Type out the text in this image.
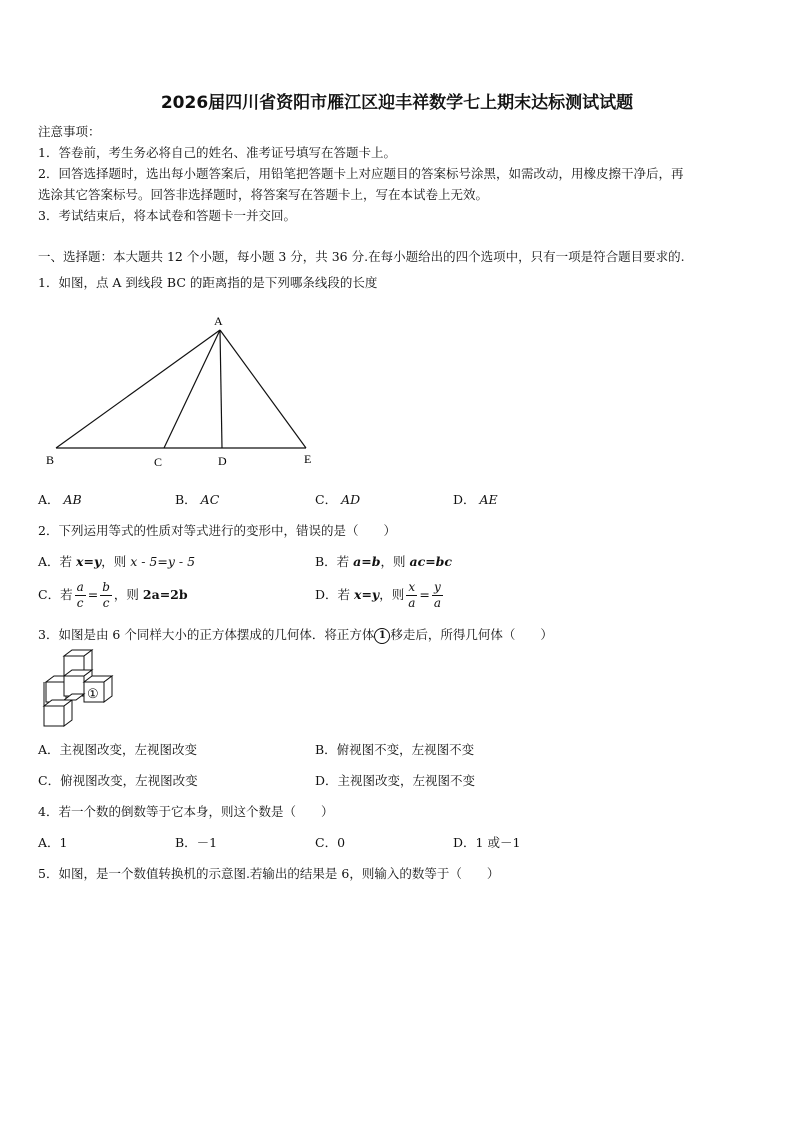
2026届四川省资阳市雁江区迎丰祥数学七上期末达标测试试题
注意事项：
1．答卷前，考生务必将自己的姓名、准考证号填写在答题卡上。
2．回答选择题时，选出每小题答案后，用铅笔把答题卡上对应题目的答案标号涂黑，如需改动，用橡皮擦干净后，再
选涂其它答案标号。回答非选择题时，将答案写在答题卡上，写在本试卷上无效。
3．考试结束后，将本试卷和答题卡一并交回。
一、选择题：本大题共 12 个小题，每小题 3 分，共 36 分.在每小题给出的四个选项中，只有一项是符合题目要求的.
1．如图，点 A 到线段 BC 的距离指的是下列哪条线段的长度
A
B	C	D	E
A． AB	B． AC	C． AD	D． AE
2．下列运用等式的性质对等式进行的变形中，错误的是（　　）
A．若 x=y，则 x - 5=y - 5	B．若 a=b，则 ac=bc
C．若 $\frac{a}{c} = \frac{b}{c}$ ，则 2a=2b	D．若 x=y，则 $\frac{x}{a} = \frac{y}{a}$
3．如图是由 6 个同样大小的正方体摆成的几何体．将正方体 1 移走后，所得几何体（　　）
①
A．主视图改变，左视图改变	B．俯视图不变，左视图不变
C．俯视图改变，左视图改变	D．主视图改变，左视图不变
4．若一个数的倒数等于它本身，则这个数是（　　）
A．1	B．－1	C．0	D．1 或－1
5．如图，是一个数值转换机的示意图.若输出的结果是 6，则输入的数等于（　　）
